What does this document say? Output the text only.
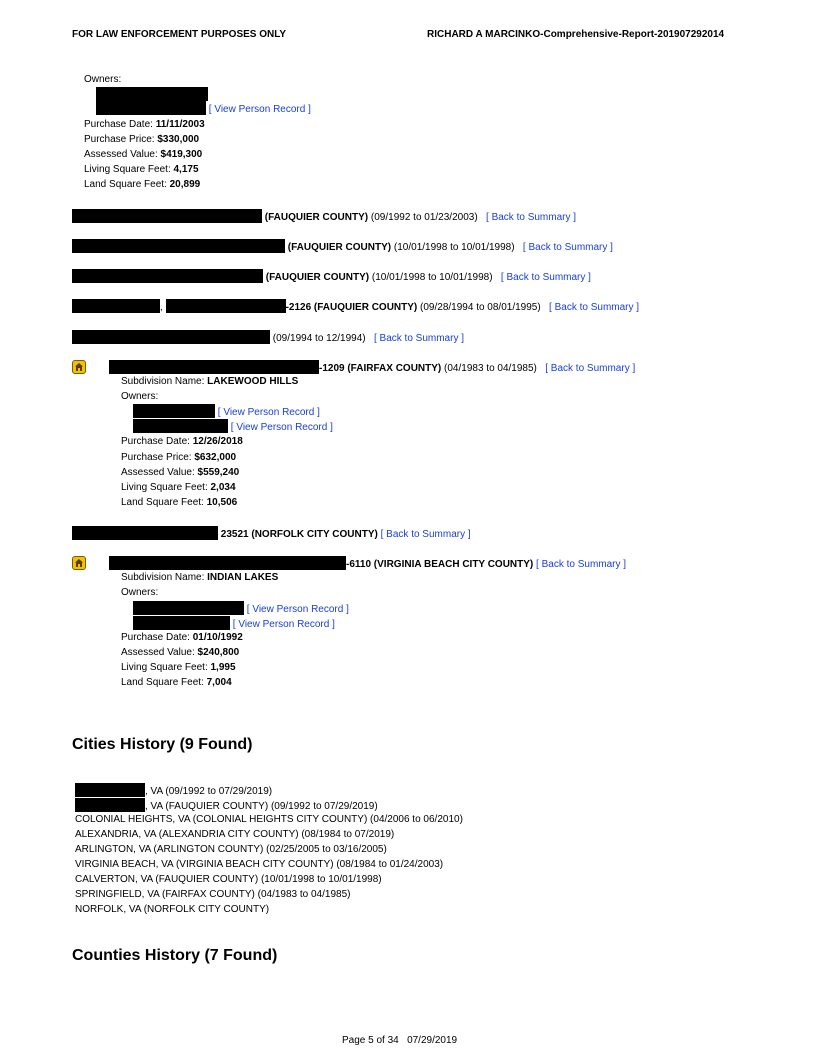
FOR LAW ENFORCEMENT PURPOSES ONLY	RICHARD A MARCINKO-Comprehensive-Report-201907292014
Owners:
[ View Person Record ]
Purchase Date: 11/11/2003
Purchase Price: $330,000
Assessed Value: $419,300
Living Square Feet: 4,175
Land Square Feet: 20,899
(FAUQUIER COUNTY) (09/1992 to 01/23/2003) [ Back to Summary ]
(FAUQUIER COUNTY) (10/01/1998 to 10/01/1998) [ Back to Summary ]
(FAUQUIER COUNTY) (10/01/1998 to 10/01/1998) [ Back to Summary ]
,	-2126 (FAUQUIER COUNTY) (09/28/1994 to 08/01/1995) [ Back to Summary ]
(09/1994 to 12/1994) [ Back to Summary ]
-1209 (FAIRFAX COUNTY) (04/1983 to 04/1985) [ Back to Summary ]
Subdivision Name: LAKEWOOD HILLS
Owners:
[ View Person Record ]
[ View Person Record ]
Purchase Date: 12/26/2018
Purchase Price: $632,000
Assessed Value: $559,240
Living Square Feet: 2,034
Land Square Feet: 10,506
23521 (NORFOLK CITY COUNTY) [ Back to Summary ]
-6110 (VIRGINIA BEACH CITY COUNTY) [ Back to Summary ]
Subdivision Name: INDIAN LAKES
Owners:
[ View Person Record ]
[ View Person Record ]
Purchase Date: 01/10/1992
Assessed Value: $240,800
Living Square Feet: 1,995
Land Square Feet: 7,004
Cities History (9 Found)
, VA (09/1992 to 07/29/2019)
, VA (FAUQUIER COUNTY) (09/1992 to 07/29/2019)
COLONIAL HEIGHTS, VA (COLONIAL HEIGHTS CITY COUNTY) (04/2006 to 06/2010)
ALEXANDRIA, VA (ALEXANDRIA CITY COUNTY) (08/1984 to 07/2019)
ARLINGTON, VA (ARLINGTON COUNTY) (02/25/2005 to 03/16/2005)
VIRGINIA BEACH, VA (VIRGINIA BEACH CITY COUNTY) (08/1984 to 01/24/2003)
CALVERTON, VA (FAUQUIER COUNTY) (10/01/1998 to 10/01/1998)
SPRINGFIELD, VA (FAIRFAX COUNTY) (04/1983 to 04/1985)
NORFOLK, VA (NORFOLK CITY COUNTY)
Counties History (7 Found)
Page 5 of 34 07/29/2019
